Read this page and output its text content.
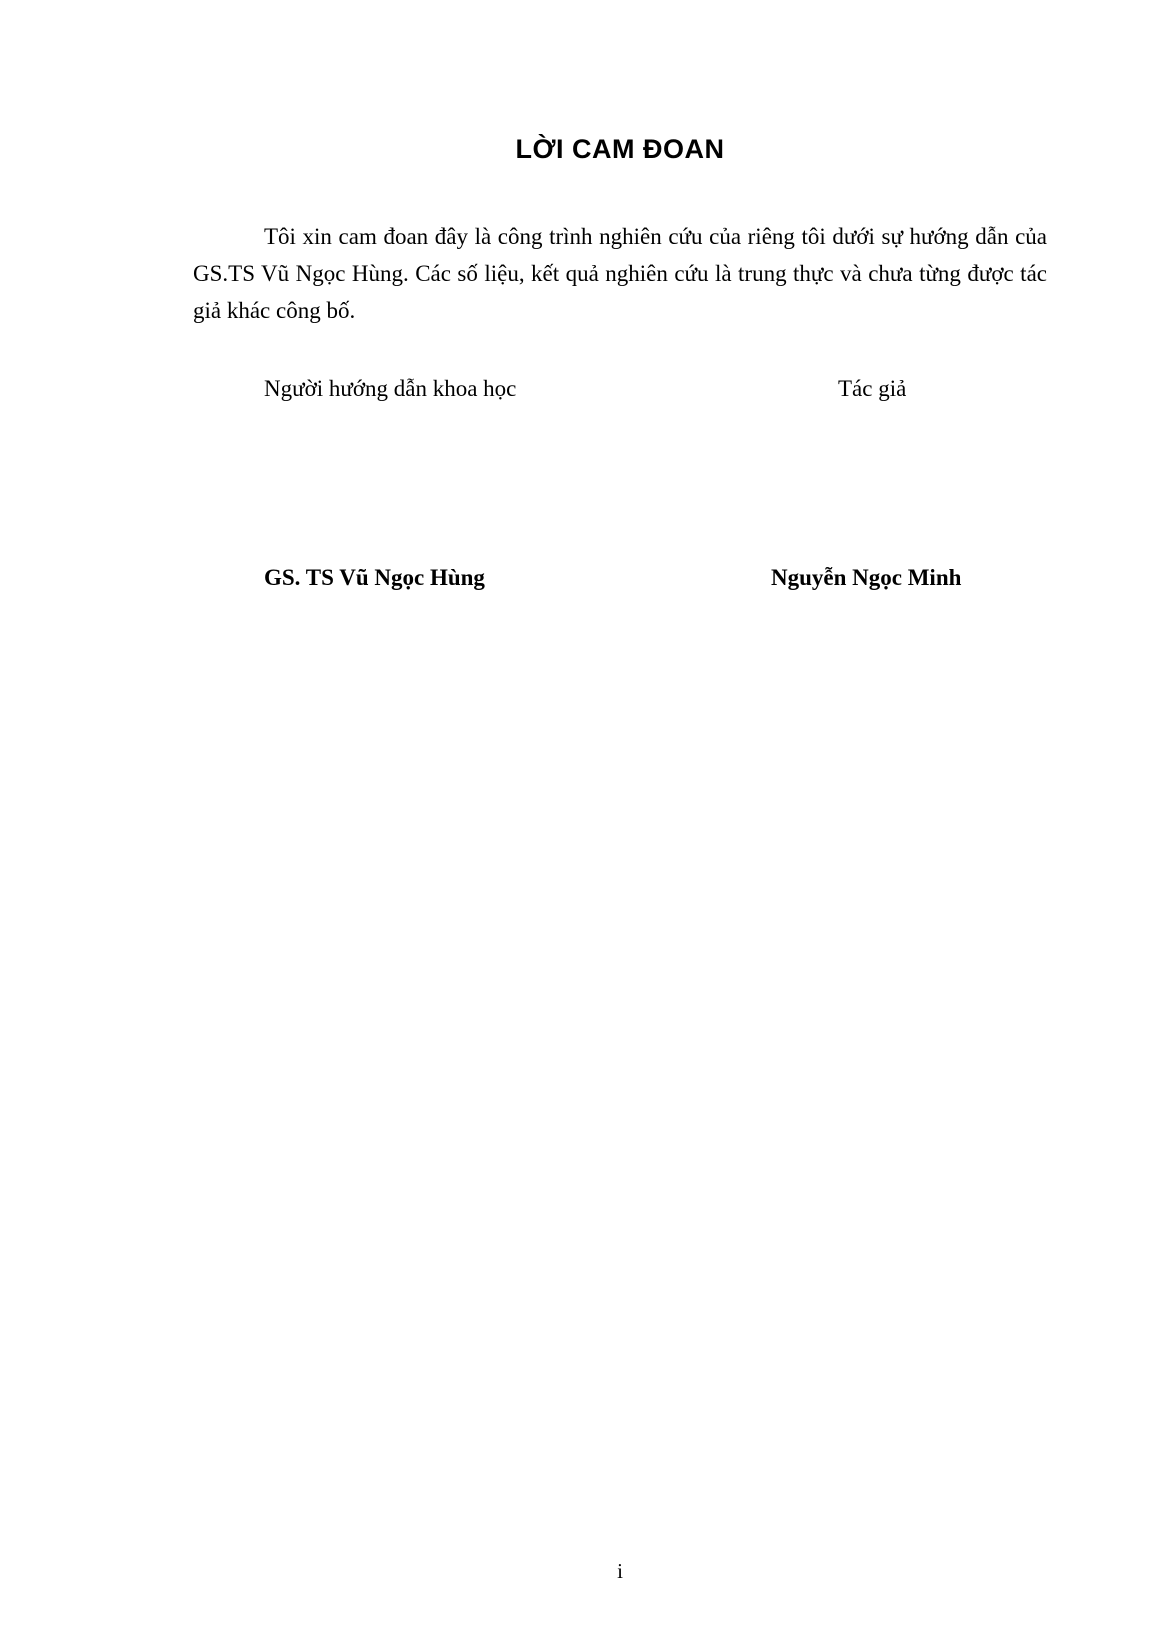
LỜI CAM ĐOAN

Tôi xin cam đoan đây là công trình nghiên cứu của riêng tôi dưới sự hướng dẫn của GS.TS Vũ Ngọc Hùng. Các số liệu, kết quả nghiên cứu là trung thực và chưa từng được tác giả khác công bố.

Người hướng dẫn khoa học	Tác giả

GS. TS Vũ Ngọc Hùng	Nguyễn Ngọc Minh

i
